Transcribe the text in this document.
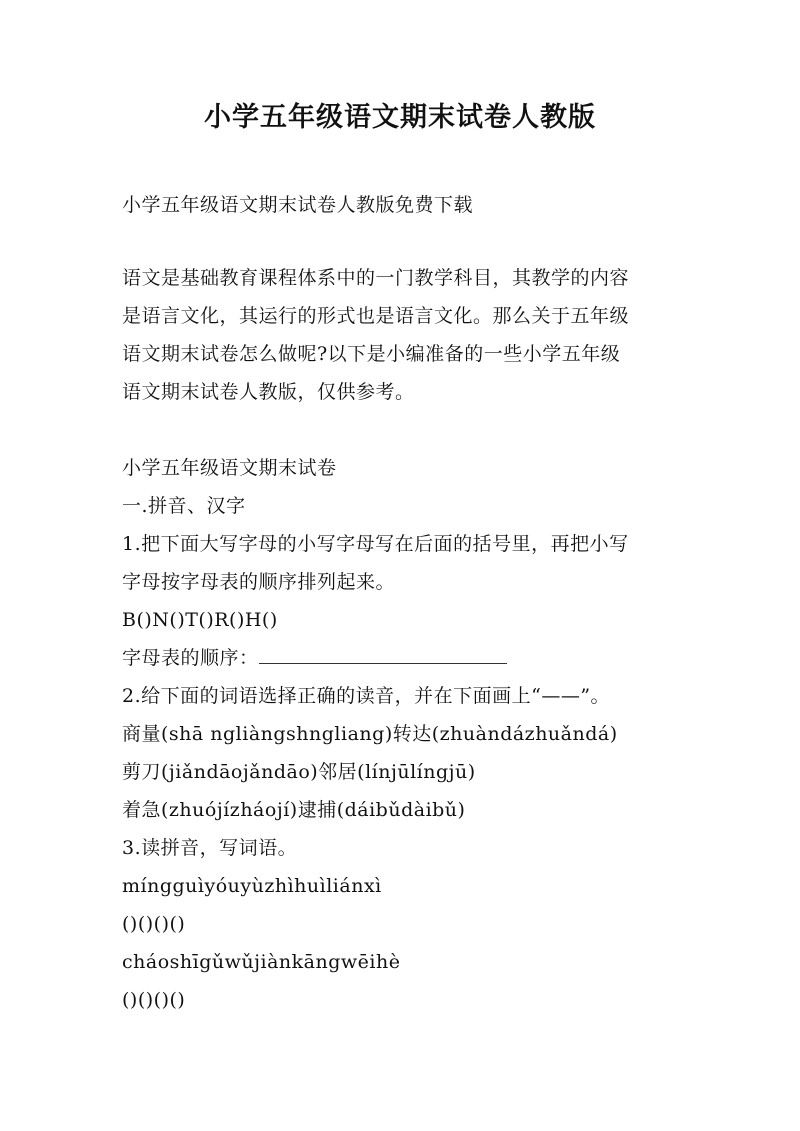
小学五年级语文期末试卷人教版
小学五年级语文期末试卷人教版免费下载
语文是基础教育课程体系中的一门教学科目，其教学的内容
是语言文化，其运行的形式也是语言文化。那么关于五年级
语文期末试卷怎么做呢?以下是小编准备的一些小学五年级
语文期末试卷人教版，仅供参考。
小学五年级语文期末试卷
一.拼音、汉字
1.把下面大写字母的小写字母写在后面的括号里，再把小写
字母按字母表的顺序排列起来。
B()N()T()R()H()
字母表的顺序：
2.给下面的词语选择正确的读音，并在下面画上“——”。
商量(shā ngliàngshngliang)转达(zhuàndázhuǎndá)
剪刀(jiǎndāojǎndāo)邻居(línjūlíngjū)
着急(zhuójízháojí)逮捕(dáibǔdàibǔ)
3.读拼音，写词语。
míngguìyóuyùzhìhuìliánxì
()()()()
cháoshīgǔwǔjiànkāngwēihè
()()()()
